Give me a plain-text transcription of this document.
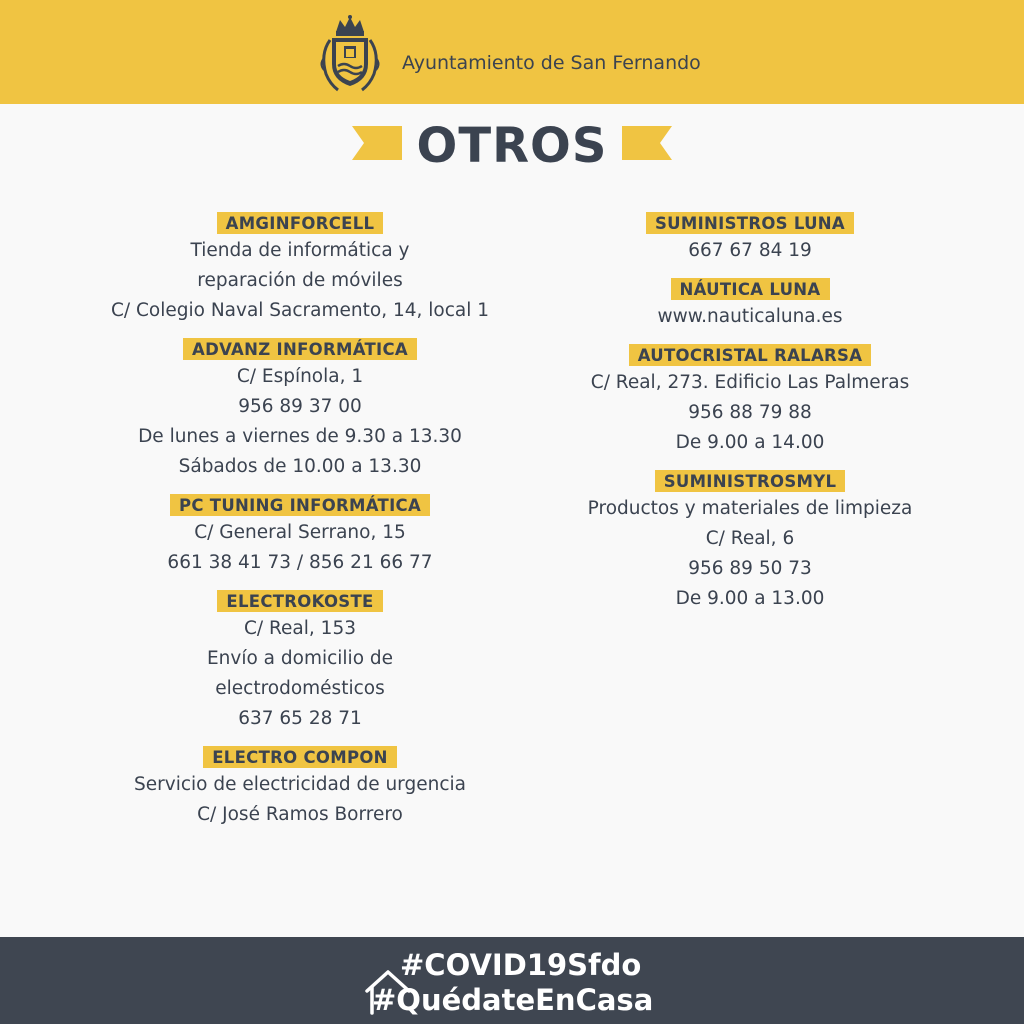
Ayuntamiento de San Fernando
OTROS
AMGINFORCELL
Tienda de informática y
reparación de móviles
C/ Colegio Naval Sacramento, 14, local 1
ADVANZ INFORMÁTICA
C/ Espínola, 1
956 89 37 00
De lunes a viernes de 9.30 a 13.30
Sábados de 10.00 a 13.30
PC TUNING INFORMÁTICA
C/ General Serrano, 15
661 38 41 73 / 856 21 66 77
ELECTROKOSTE
C/ Real, 153
Envío a domicilio de
electrodomésticos
637 65 28 71
ELECTRO COMPON
Servicio de electricidad de urgencia
C/ José Ramos Borrero
SUMINISTROS LUNA
667 67 84 19
NÁUTICA LUNA
www.nauticaluna.es
AUTOCRISTAL RALARSA
C/ Real, 273. Edificio Las Palmeras
956 88 79 88
De 9.00 a 14.00
SUMINISTROSMYL
Productos y materiales de limpieza
C/ Real, 6
956 89 50 73
De 9.00 a 13.00
#COVID19Sfdo
#QuédateEnCasa
